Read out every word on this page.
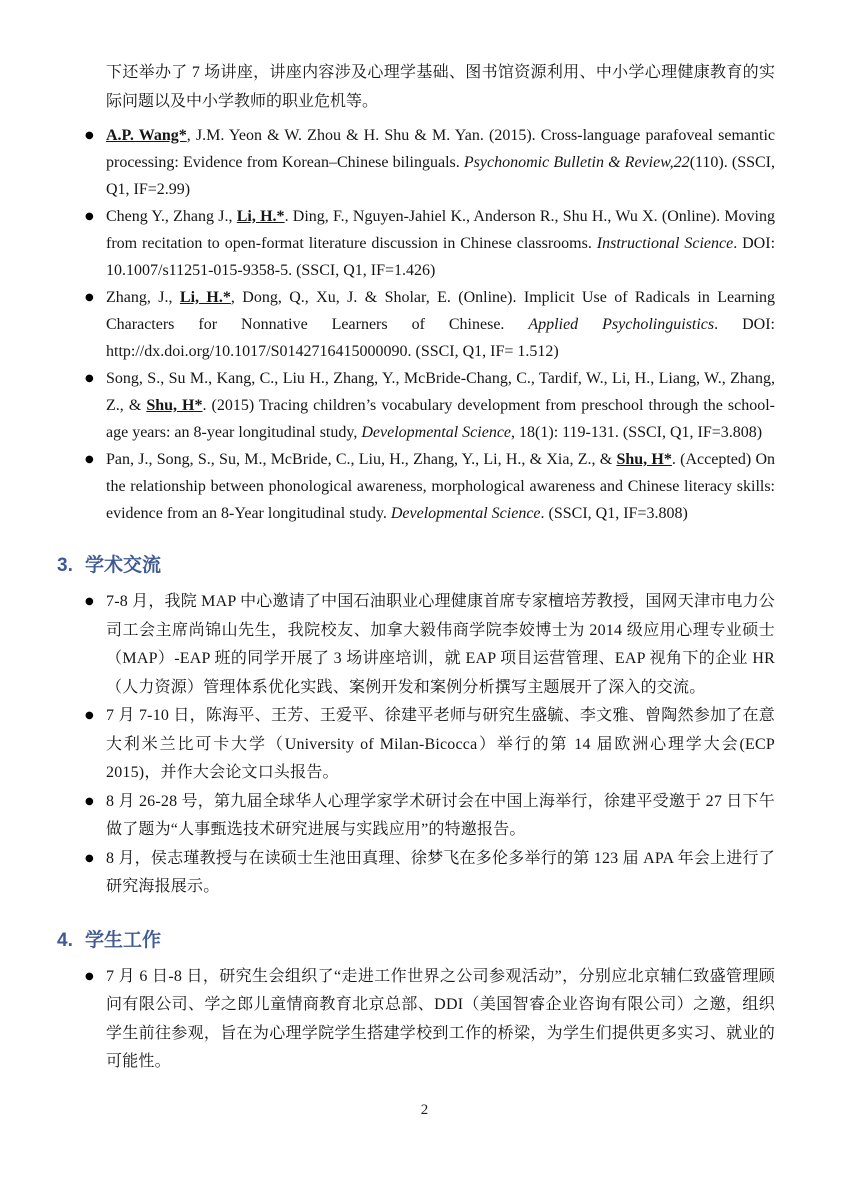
下还举办了 7 场讲座，讲座内容涉及心理学基础、图书馆资源利用、中小学心理健康教育的实际问题以及中小学教师的职业危机等。

● A.P. Wang*, J.M. Yeon & W. Zhou & H. Shu & M. Yan. (2015). Cross-language parafoveal semantic processing: Evidence from Korean–Chinese bilinguals. Psychonomic Bulletin & Review,22(110). (SSCI, Q1, IF=2.99)
● Cheng Y., Zhang J., Li, H.*. Ding, F., Nguyen-Jahiel K., Anderson R., Shu H., Wu X. (Online). Moving from recitation to open-format literature discussion in Chinese classrooms. Instructional Science. DOI: 10.1007/s11251-015-9358-5. (SSCI, Q1, IF=1.426)
● Zhang, J., Li, H.*, Dong, Q., Xu, J. & Sholar, E. (Online). Implicit Use of Radicals in Learning Characters for Nonnative Learners of Chinese. Applied Psycholinguistics. DOI: http://dx.doi.org/10.1017/S0142716415000090. (SSCI, Q1, IF= 1.512)
● Song, S., Su M., Kang, C., Liu H., Zhang, Y., McBride-Chang, C., Tardif, W., Li, H., Liang, W., Zhang, Z., & Shu, H*. (2015) Tracing children’s vocabulary development from preschool through the school-age years: an 8-year longitudinal study, Developmental Science, 18(1): 119-131. (SSCI, Q1, IF=3.808)
● Pan, J., Song, S., Su, M., McBride, C., Liu, H., Zhang, Y., Li, H., & Xia, Z., & Shu, H*. (Accepted) On the relationship between phonological awareness, morphological awareness and Chinese literacy skills: evidence from an 8-Year longitudinal study. Developmental Science. (SSCI, Q1, IF=3.808)
3. 学术交流
● 7-8 月，我院 MAP 中心邀请了中国石油职业心理健康首席专家檀培芳教授，国网天津市电力公司工会主席尚锦山先生，我院校友、加拿大毅伟商学院李姣博士为 2014 级应用心理专业硕士（MAP）-EAP 班的同学开展了 3 场讲座培训，就 EAP 项目运营管理、EAP 视角下的企业 HR（人力资源）管理体系优化实践、案例开发和案例分析撰写主题展开了深入的交流。
● 7 月 7-10 日，陈海平、王芳、王爱平、徐建平老师与研究生盛毓、李文雅、曾陶然参加了在意大利米兰比可卡大学（University of Milan-Bicocca）举行的第 14 届欧洲心理学大会(ECP 2015)，并作大会论文口头报告。
● 8 月 26-28 号，第九届全球华人心理学家学术研讨会在中国上海举行，徐建平受邀于 27 日下午做了题为“人事甄选技术研究进展与实践应用”的特邀报告。
● 8 月，侯志瑾教授与在读硕士生池田真理、徐梦飞在多伦多举行的第 123 届 APA 年会上进行了研究海报展示。
4. 学生工作
● 7 月 6 日-8 日，研究生会组织了“走进工作世界之公司参观活动”，分别应北京辅仁致盛管理顾问有限公司、学之郎儿童情商教育北京总部、DDI（美国智睿企业咨询有限公司）之邀，组织学生前往参观，旨在为心理学院学生搭建学校到工作的桥梁，为学生们提供更多实习、就业的可能性。
2
